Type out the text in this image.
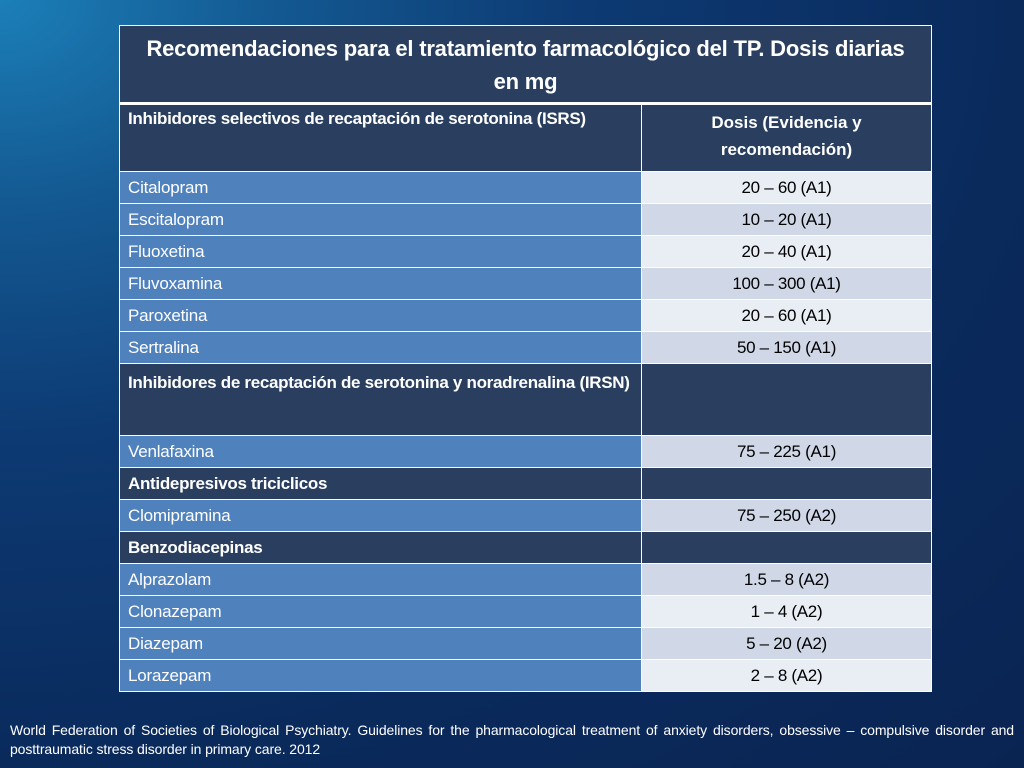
Recomendaciones para el tratamiento farmacológico del TP. Dosis diarias en mg	
Inhibidores selectivos de recaptación de serotonina (ISRS)	Dosis (Evidencia y recomendación)
Citalopram	20 – 60 (A1)
Escitalopram	10 – 20 (A1)
Fluoxetina	20 – 40 (A1)
Fluvoxamina	100 – 300 (A1)
Paroxetina	20 – 60 (A1)
Sertralina	50 – 150 (A1)
Inhibidores de recaptación de serotonina y noradrenalina (IRSN)	
Venlafaxina	75 – 225 (A1)
Antidepresivos triciclicos	
Clomipramina	75 – 250 (A2)
Benzodiacepinas	
Alprazolam	1.5 – 8 (A2)
Clonazepam	1 – 4 (A2)
Diazepam	5 – 20 (A2)
Lorazepam	2 – 8 (A2)
World Federation of Societies of Biological Psychiatry. Guidelines for the pharmacological treatment of anxiety disorders, obsessive – compulsive disorder and posttraumatic stress disorder in primary care. 2012
